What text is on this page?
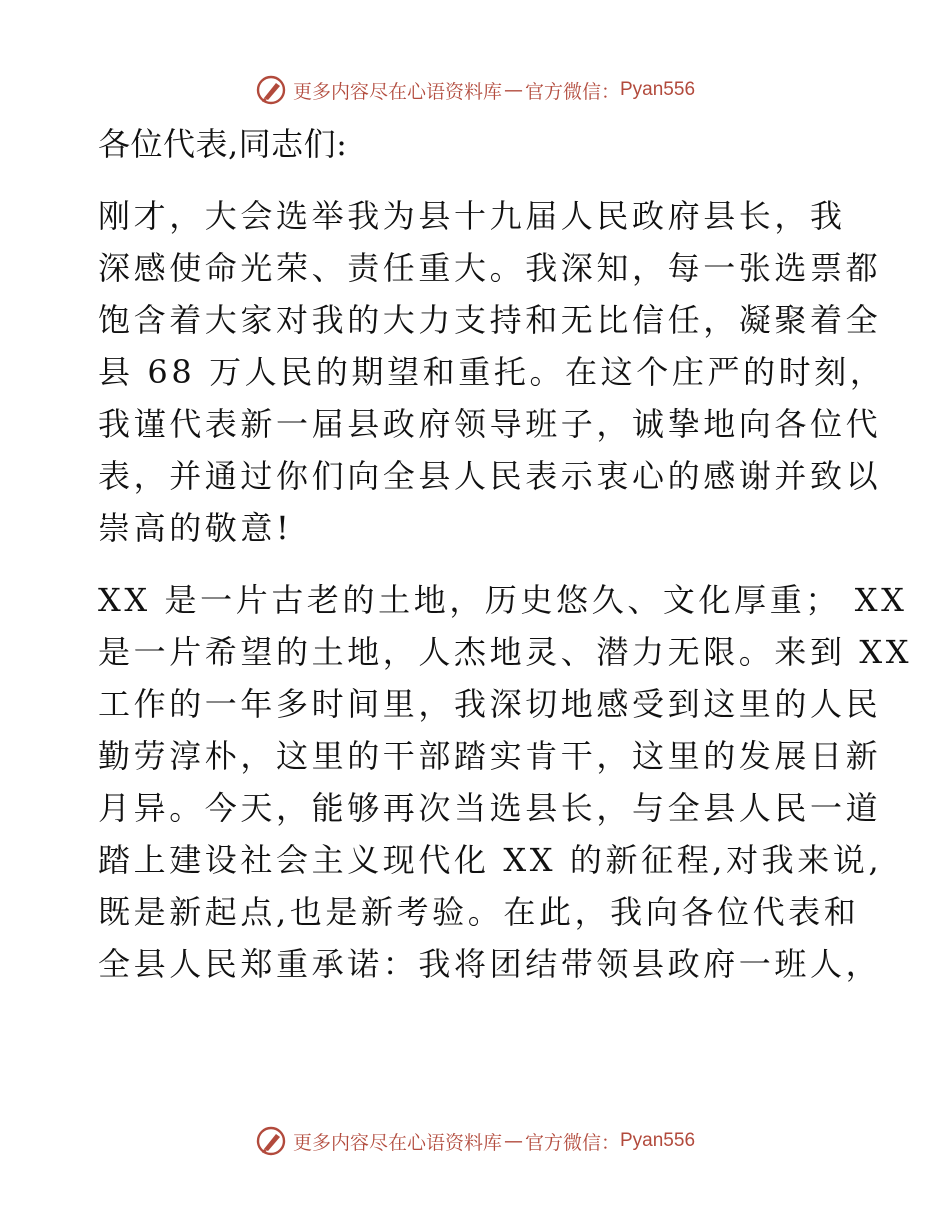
更多内容尽在心语资料库 — 官方微信： Pyan556

各位代表,同志们:

刚才，大会选举我为县十九届人民政府县长，我
深感使命光荣、责任重大。我深知，每一张选票都
饱含着大家对我的大力支持和无比信任，凝聚着全
县 68 万人民的期望和重托。在这个庄严的时刻，
我谨代表新一届县政府领导班子，诚挚地向各位代
表，并通过你们向全县人民表示衷心的感谢并致以
崇高的敬意!

XX 是一片古老的土地，历史悠久、文化厚重； XX
是一片希望的土地，人杰地灵、潜力无限。来到 XX
工作的一年多时间里，我深切地感受到这里的人民
勤劳淳朴，这里的干部踏实肯干，这里的发展日新
月异。今天，能够再次当选县长，与全县人民一道
踏上建设社会主义现代化 XX 的新征程,对我来说,
既是新起点,也是新考验。在此，我向各位代表和
全县人民郑重承诺：我将团结带领县政府一班人，

更多内容尽在心语资料库 — 官方微信： Pyan556
